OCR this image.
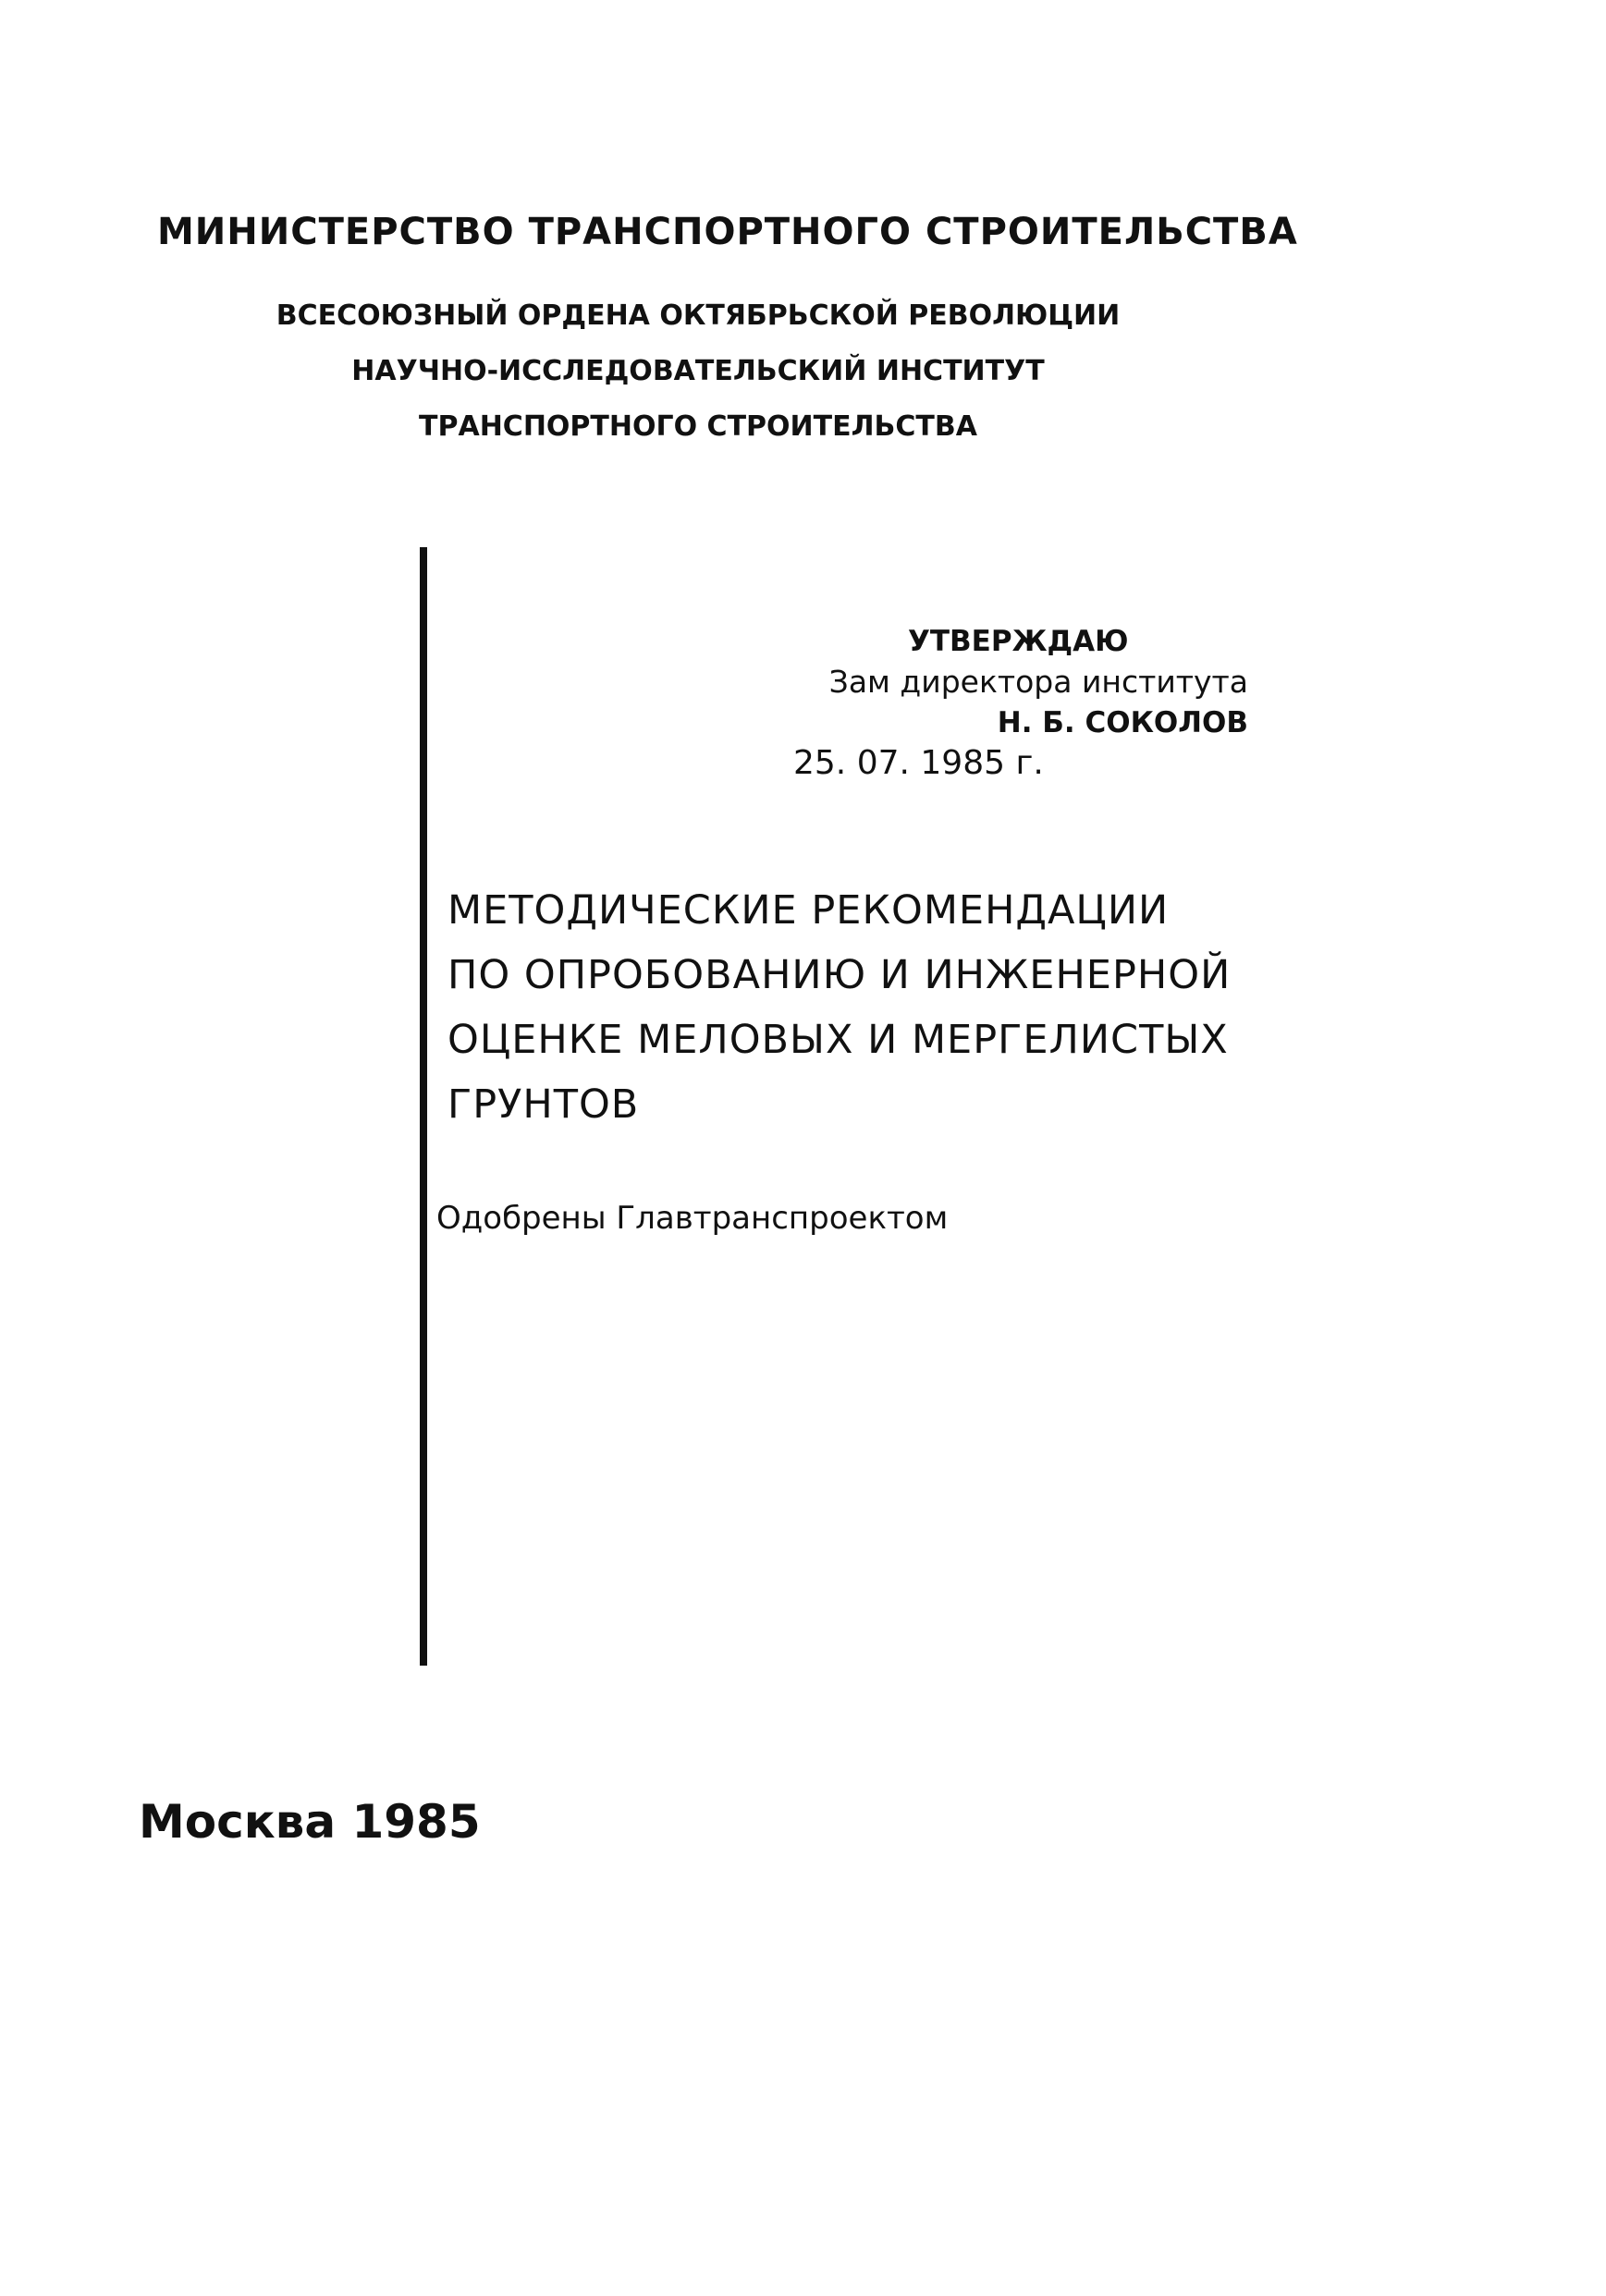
МИНИСТЕРСТВО ТРАНСПОРТНОГО СТРОИТЕЛЬСТВА
ВСЕСОЮЗНЫЙ ОРДЕНА ОКТЯБРЬСКОЙ РЕВОЛЮЦИИ
НАУЧНО-ИССЛЕДОВАТЕЛЬСКИЙ ИНСТИТУТ
ТРАНСПОРТНОГО СТРОИТЕЛЬСТВА
УТВЕРЖДАЮ
Зам директора института
Н. Б. СОКОЛОВ
25. 07. 1985 г.
МЕТОДИЧЕСКИЕ РЕКОМЕНДАЦИИ
ПО ОПРОБОВАНИЮ И ИНЖЕНЕРНОЙ
ОЦЕНКЕ МЕЛОВЫХ И МЕРГЕЛИСТЫХ
ГРУНТОВ
Одобрены Главтранспроектом
Москва 1985
